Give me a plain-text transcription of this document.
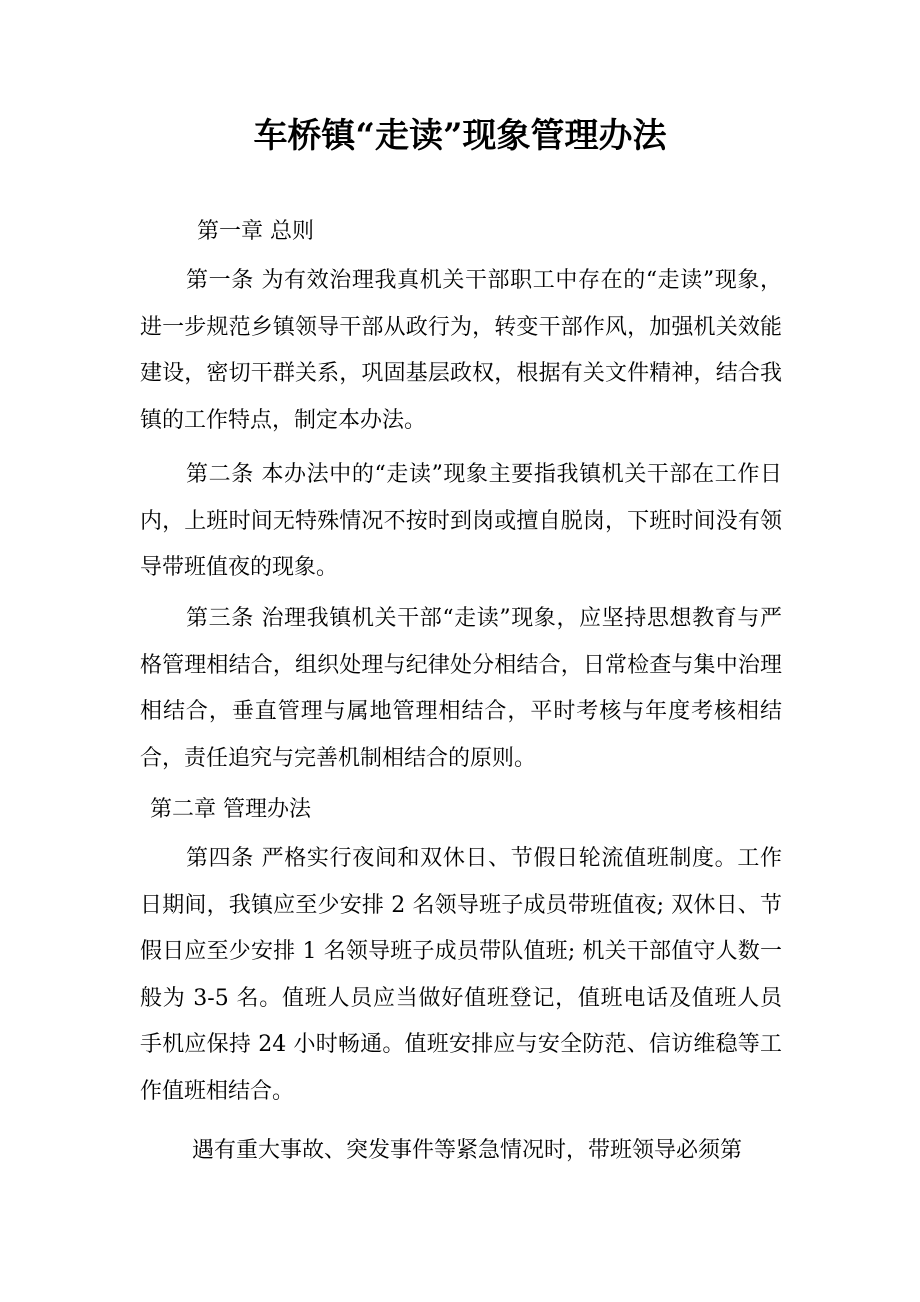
车桥镇“走读”现象管理办法
第一章 总则
第一条 为有效治理我真机关干部职工中存在的“走读”现象，进一步规范乡镇领导干部从政行为，转变干部作风，加强机关效能建设，密切干群关系，巩固基层政权，根据有关文件精神，结合我镇的工作特点，制定本办法。
第二条 本办法中的“走读”现象主要指我镇机关干部在工作日内，上班时间无特殊情况不按时到岗或擅自脱岗，下班时间没有领导带班值夜的现象。
第三条 治理我镇机关干部“走读”现象，应坚持思想教育与严格管理相结合，组织处理与纪律处分相结合，日常检查与集中治理相结合，垂直管理与属地管理相结合，平时考核与年度考核相结合，责任追究与完善机制相结合的原则。
第二章 管理办法
第四条 严格实行夜间和双休日、节假日轮流值班制度。工作日期间，我镇应至少安排 2 名领导班子成员带班值夜; 双休日、节假日应至少安排 1 名领导班子成员带队值班; 机关干部值守人数一般为 3-5 名。值班人员应当做好值班登记，值班电话及值班人员手机应保持 24 小时畅通。值班安排应与安全防范、信访维稳等工作值班相结合。
遇有重大事故、突发事件等紧急情况时，带班领导必须第
